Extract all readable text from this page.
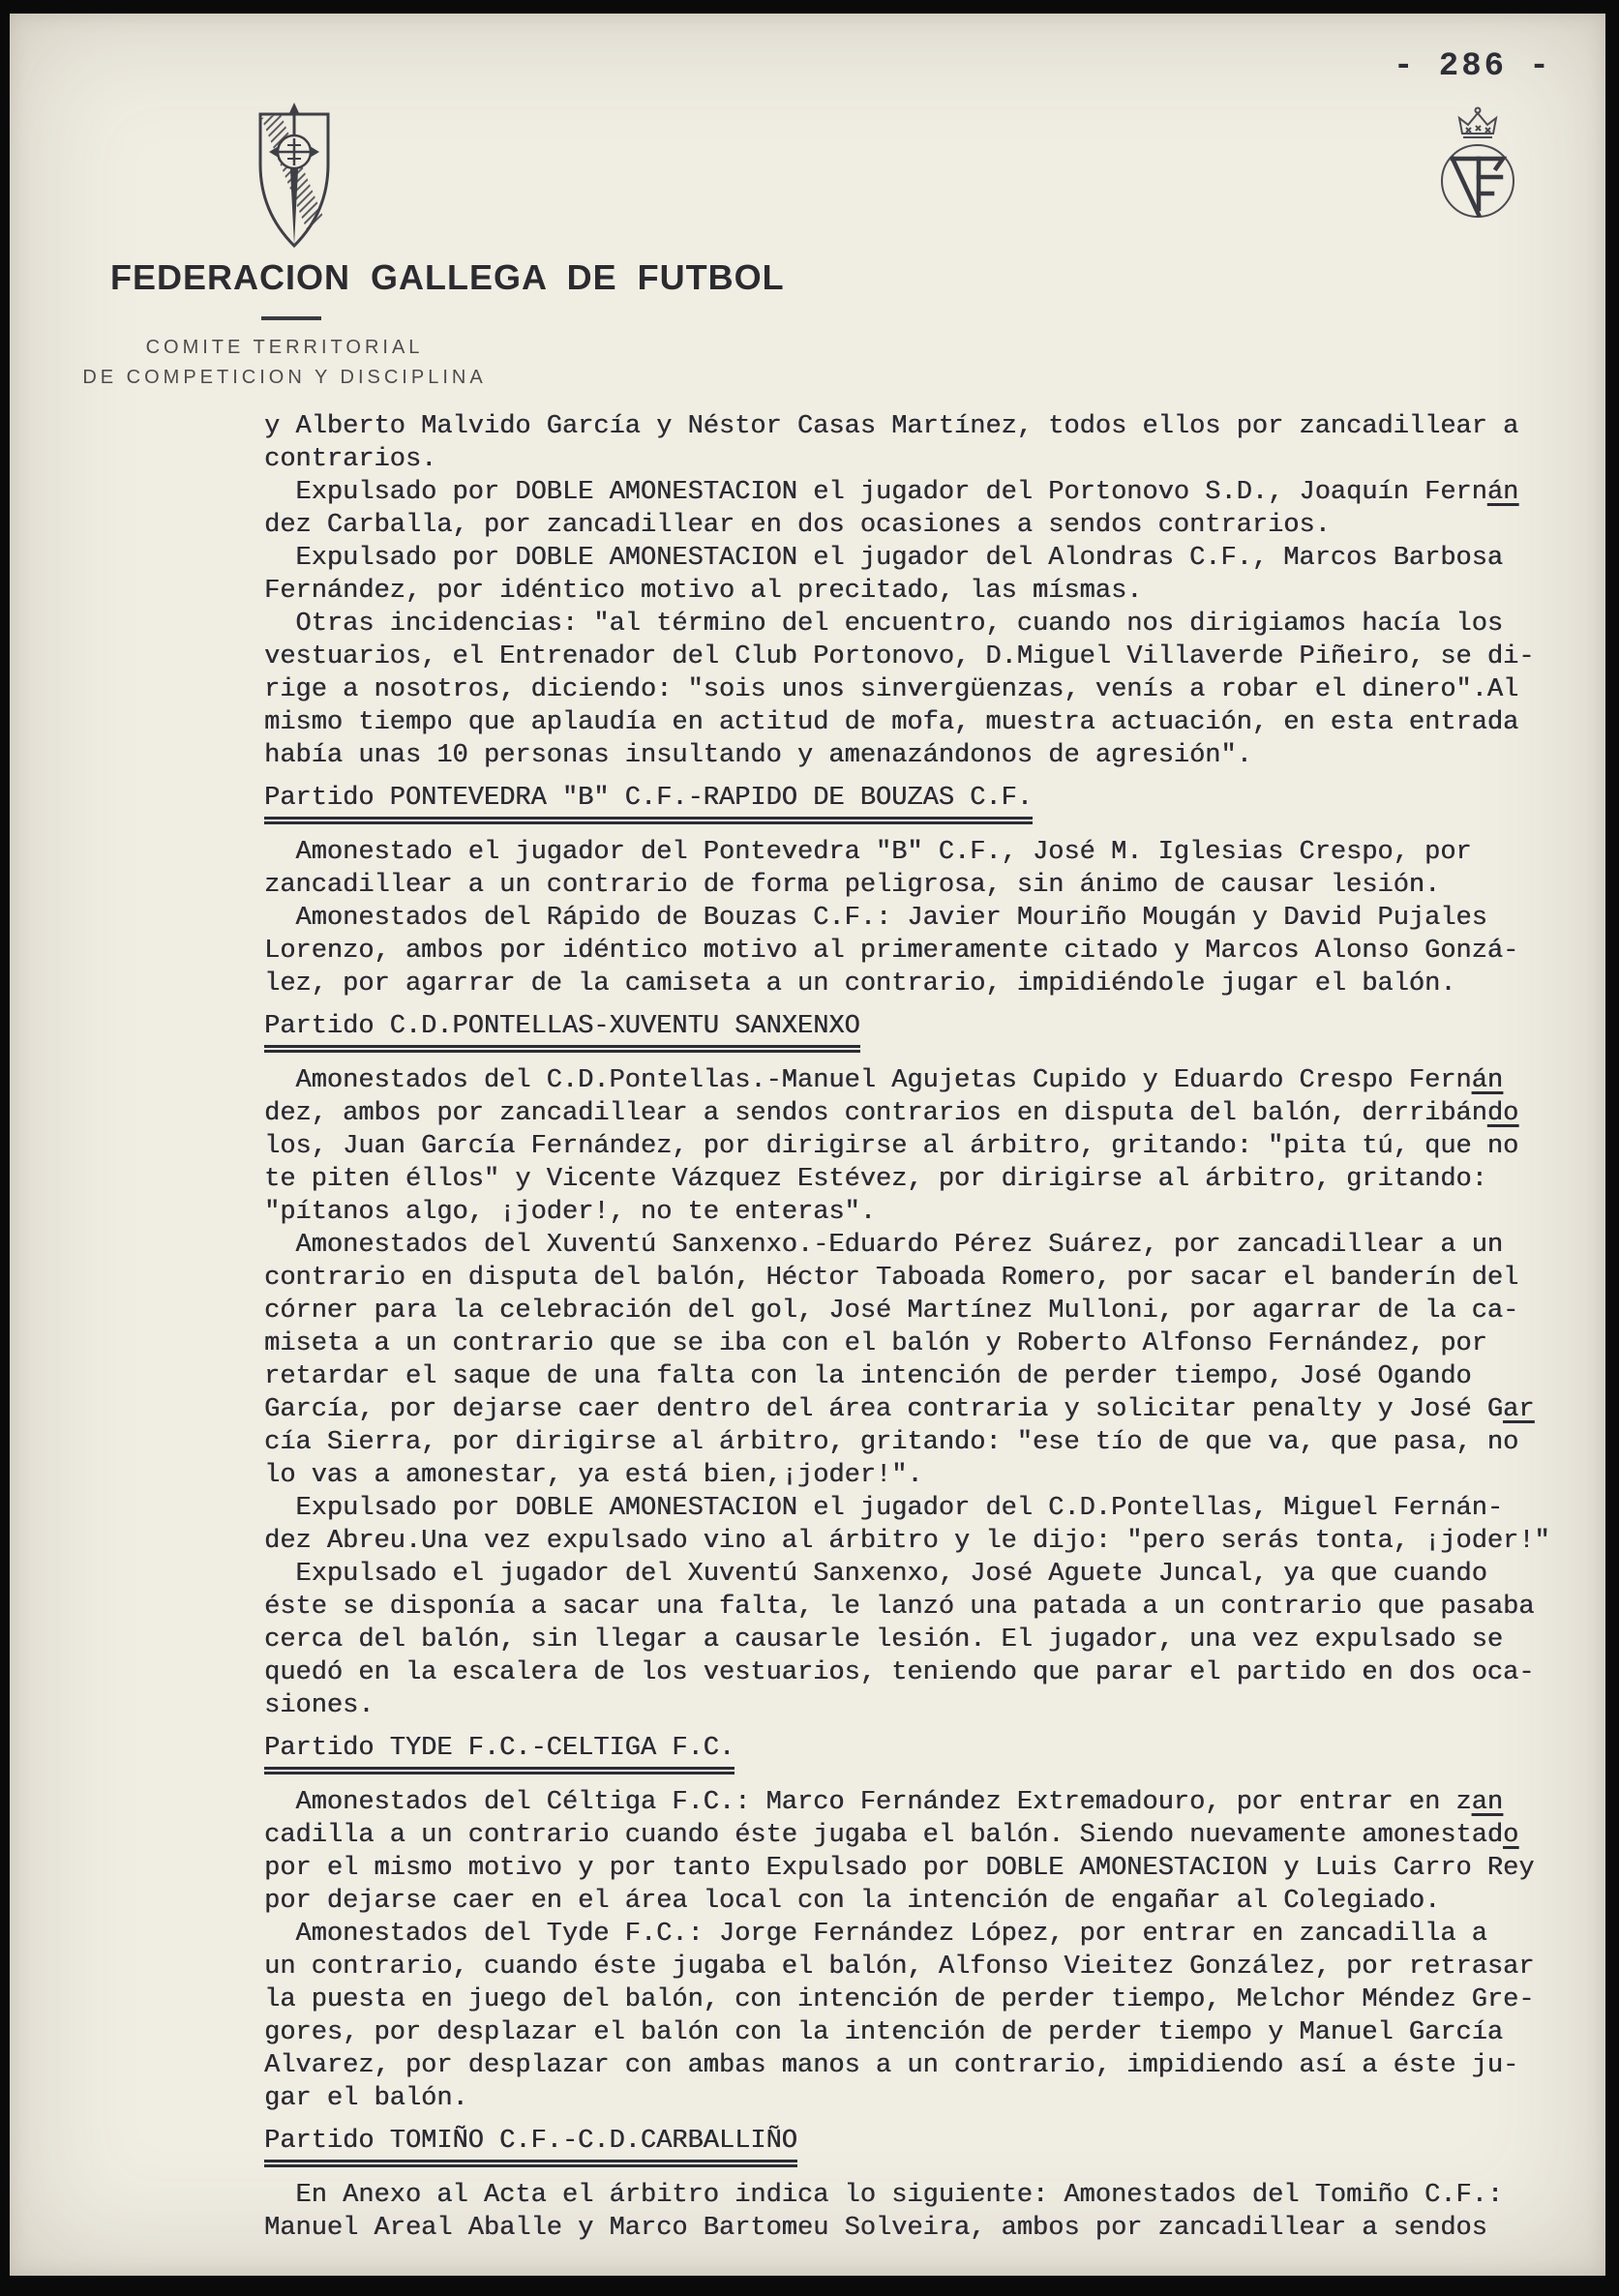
- 286 -
FEDERACION GALLEGA DE FUTBOL
COMITE TERRITORIAL
DE COMPETICION Y DISCIPLINA
y Alberto Malvido García y Néstor Casas Martínez, todos ellos por zancadillear a
contrarios.
Expulsado por DOBLE AMONESTACION el jugador del Portonovo S.D., Joaquín Fernán
dez Carballa, por zancadillear en dos ocasiones a sendos contrarios.
Expulsado por DOBLE AMONESTACION el jugador del Alondras C.F., Marcos Barbosa
Fernández, por idéntico motivo al precitado, las mísmas.
Otras incidencias: "al término del encuentro, cuando nos dirigiamos hacía los
vestuarios, el Entrenador del Club Portonovo, D.Miguel Villaverde Piñeiro, se di-
rige a nosotros, diciendo: "sois unos sinvergüenzas, venís a robar el dinero".Al
mismo tiempo que aplaudía en actitud de mofa, muestra actuación, en esta entrada
había unas 10 personas insultando y amenazándonos de agresión".
Partido PONTEVEDRA "B" C.F.-RAPIDO DE BOUZAS C.F.
Amonestado el jugador del Pontevedra "B" C.F., José M. Iglesias Crespo, por
zancadillear a un contrario de forma peligrosa, sin ánimo de causar lesión.
Amonestados del Rápido de Bouzas C.F.: Javier Mouriño Mougán y David Pujales
Lorenzo, ambos por idéntico motivo al primeramente citado y Marcos Alonso Gonzá-
lez, por agarrar de la camiseta a un contrario, impidiéndole jugar el balón.
Partido C.D.PONTELLAS-XUVENTU SANXENXO
Amonestados del C.D.Pontellas.-Manuel Agujetas Cupido y Eduardo Crespo Fernán
dez, ambos por zancadillear a sendos contrarios en disputa del balón, derribándo
los, Juan García Fernández, por dirigirse al árbitro, gritando: "pita tú, que no
te piten éllos" y Vicente Vázquez Estévez, por dirigirse al árbitro, gritando:
"pítanos algo, ¡joder!, no te enteras".
Amonestados del Xuventú Sanxenxo.-Eduardo Pérez Suárez, por zancadillear a un
contrario en disputa del balón, Héctor Taboada Romero, por sacar el banderín del
córner para la celebración del gol, José Martínez Mulloni, por agarrar de la ca-
miseta a un contrario que se iba con el balón y Roberto Alfonso Fernández, por
retardar el saque de una falta con la intención de perder tiempo, José Ogando
García, por dejarse caer dentro del área contraria y solicitar penalty y José Gar
cía Sierra, por dirigirse al árbitro, gritando: "ese tío de que va, que pasa, no
lo vas a amonestar, ya está bien,¡joder!".
Expulsado por DOBLE AMONESTACION el jugador del C.D.Pontellas, Miguel Fernán-
dez Abreu.Una vez expulsado vino al árbitro y le dijo: "pero serás tonta, ¡joder!"
Expulsado el jugador del Xuventú Sanxenxo, José Aguete Juncal, ya que cuando
éste se disponía a sacar una falta, le lanzó una patada a un contrario que pasaba
cerca del balón, sin llegar a causarle lesión. El jugador, una vez expulsado se
quedó en la escalera de los vestuarios, teniendo que parar el partido en dos oca-
siones.
Partido TYDE F.C.-CELTIGA F.C.
Amonestados del Céltiga F.C.: Marco Fernández Extremadouro, por entrar en zan
cadilla a un contrario cuando éste jugaba el balón. Siendo nuevamente amonestado
por el mismo motivo y por tanto Expulsado por DOBLE AMONESTACION y Luis Carro Rey
por dejarse caer en el área local con la intención de engañar al Colegiado.
Amonestados del Tyde F.C.: Jorge Fernández López, por entrar en zancadilla a
un contrario, cuando éste jugaba el balón, Alfonso Vieitez González, por retrasar
la puesta en juego del balón, con intención de perder tiempo, Melchor Méndez Gre-
gores, por desplazar el balón con la intención de perder tiempo y Manuel García
Alvarez, por desplazar con ambas manos a un contrario, impidiendo así a éste ju-
gar el balón.
Partido TOMIÑO C.F.-C.D.CARBALLIÑO
En Anexo al Acta el árbitro indica lo siguiente: Amonestados del Tomiño C.F.:
Manuel Areal Aballe y Marco Bartomeu Solveira, ambos por zancadillear a sendos
